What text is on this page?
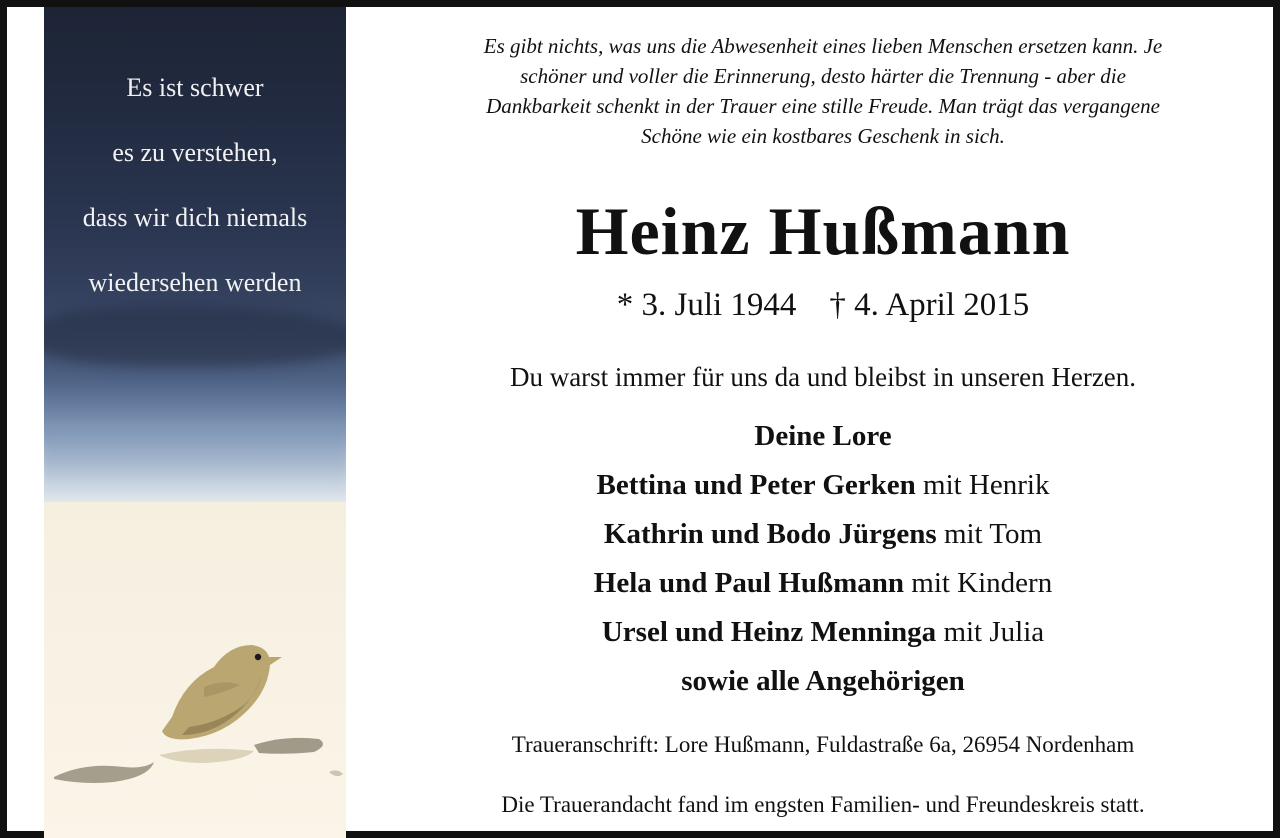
Es ist schwer
es zu verstehen,
dass wir dich niemals
wiedersehen werden
Es gibt nichts, was uns die Abwesenheit eines lieben Menschen ersetzen kann. Je
schöner und voller die Erinnerung, desto härter die Trennung - aber die
Dankbarkeit schenkt in der Trauer eine stille Freude. Man trägt das vergangene
Schöne wie ein kostbares Geschenk in sich.
Heinz Hußmann
* 3. Juli 1944 † 4. April 2015
Du warst immer für uns da und bleibst in unseren Herzen.
Deine Lore
Bettina und Peter Gerken mit Henrik
Kathrin und Bodo Jürgens mit Tom
Hela und Paul Hußmann mit Kindern
Ursel und Heinz Menninga mit Julia
sowie alle Angehörigen
Traueranschrift: Lore Hußmann, Fuldastraße 6a, 26954 Nordenham
Die Trauerandacht fand im engsten Familien- und Freundeskreis statt.
